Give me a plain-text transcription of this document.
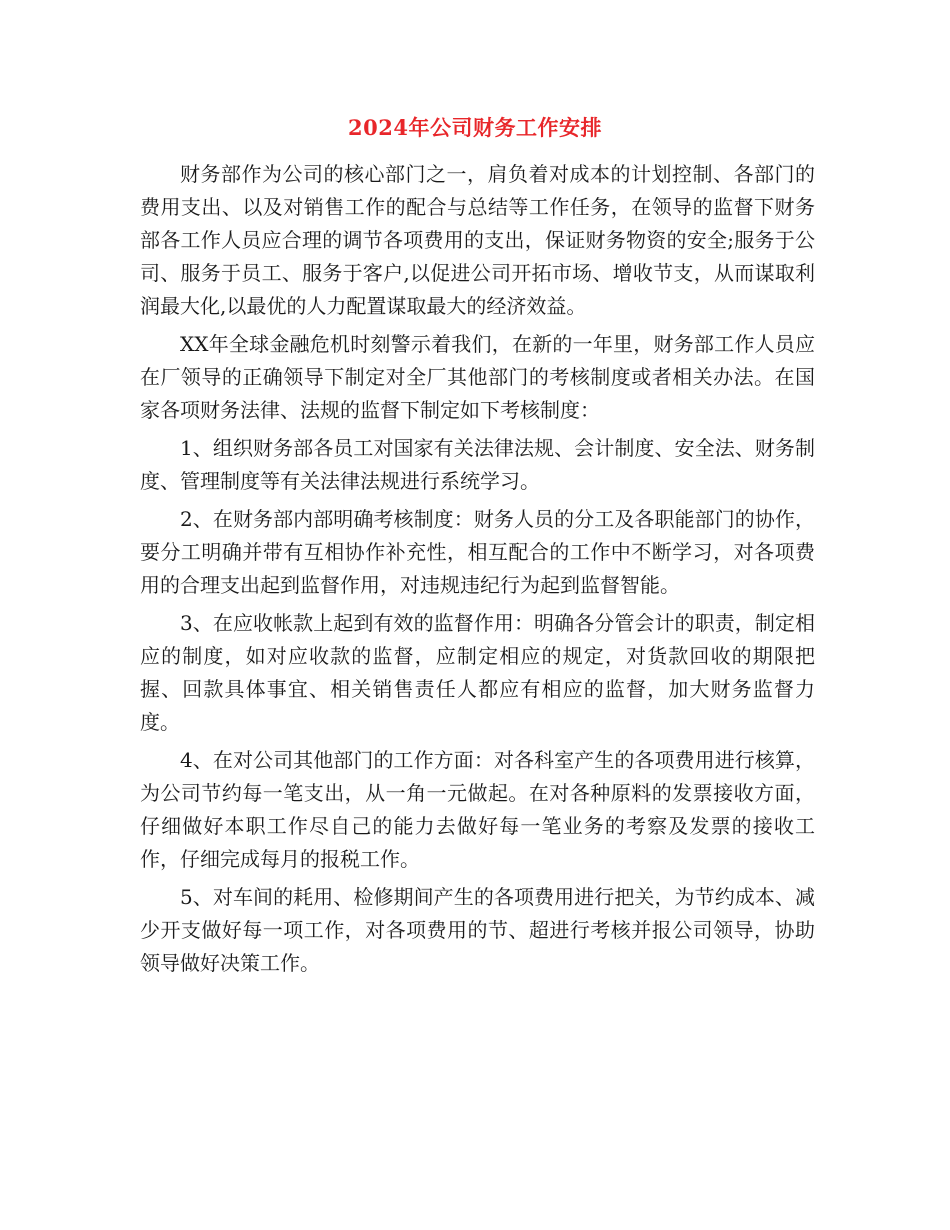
2024年公司财务工作安排

财务部作为公司的核心部门之一，肩负着对成本的计划控制、各部门的费用支出、以及对销售工作的配合与总结等工作任务，在领导的监督下财务部各工作人员应合理的调节各项费用的支出，保证财务物资的安全;服务于公司、服务于员工、服务于客户,以促进公司开拓市场、增收节支，从而谋取利润最大化,以最优的人力配置谋取最大的经济效益。

XX年全球金融危机时刻警示着我们，在新的一年里，财务部工作人员应在厂领导的正确领导下制定对全厂其他部门的考核制度或者相关办法。在国家各项财务法律、法规的监督下制定如下考核制度：

1、组织财务部各员工对国家有关法律法规、会计制度、安全法、财务制度、管理制度等有关法律法规进行系统学习。

2、在财务部内部明确考核制度：财务人员的分工及各职能部门的协作，要分工明确并带有互相协作补充性，相互配合的工作中不断学习，对各项费用的合理支出起到监督作用，对违规违纪行为起到监督智能。

3、在应收帐款上起到有效的监督作用：明确各分管会计的职责，制定相应的制度，如对应收款的监督，应制定相应的规定，对货款回收的期限把握、回款具体事宜、相关销售责任人都应有相应的监督，加大财务监督力度。

4、在对公司其他部门的工作方面：对各科室产生的各项费用进行核算，为公司节约每一笔支出，从一角一元做起。在对各种原料的发票接收方面，仔细做好本职工作尽自己的能力去做好每一笔业务的考察及发票的接收工作，仔细完成每月的报税工作。

5、对车间的耗用、检修期间产生的各项费用进行把关，为节约成本、减少开支做好每一项工作，对各项费用的节、超进行考核并报公司领导，协助领导做好决策工作。
